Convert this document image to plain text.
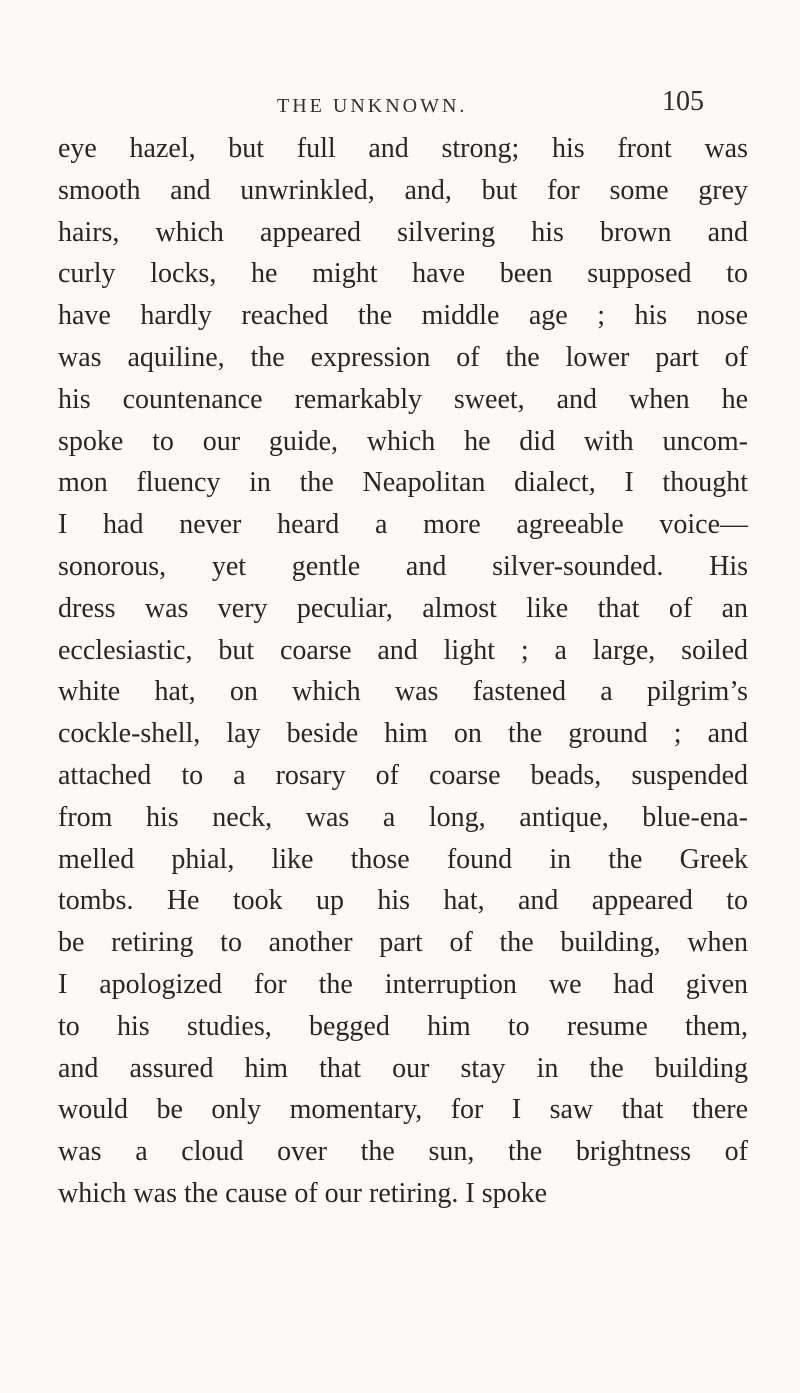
THE UNKNOWN.	105
eye hazel, but full and strong; his front was
smooth and unwrinkled, and, but for some grey
hairs, which appeared silvering his brown and
curly locks, he might have been supposed to
have hardly reached the middle age ; his nose
was aquiline, the expression of the lower part of
his countenance remarkably sweet, and when he
spoke to our guide, which he did with uncom-
mon fluency in the Neapolitan dialect, I thought
I had never heard a more agreeable voice—
sonorous, yet gentle and silver-sounded. His
dress was very peculiar, almost like that of an
ecclesiastic, but coarse and light ; a large, soiled
white hat, on which was fastened a pilgrim’s
cockle-shell, lay beside him on the ground ; and
attached to a rosary of coarse beads, suspended
from his neck, was a long, antique, blue-ena-
melled phial, like those found in the Greek
tombs. He took up his hat, and appeared to
be retiring to another part of the building, when
I apologized for the interruption we had given
to his studies, begged him to resume them,
and assured him that our stay in the building
would be only momentary, for I saw that there
was a cloud over the sun, the brightness of
which was the cause of our retiring. I spoke
